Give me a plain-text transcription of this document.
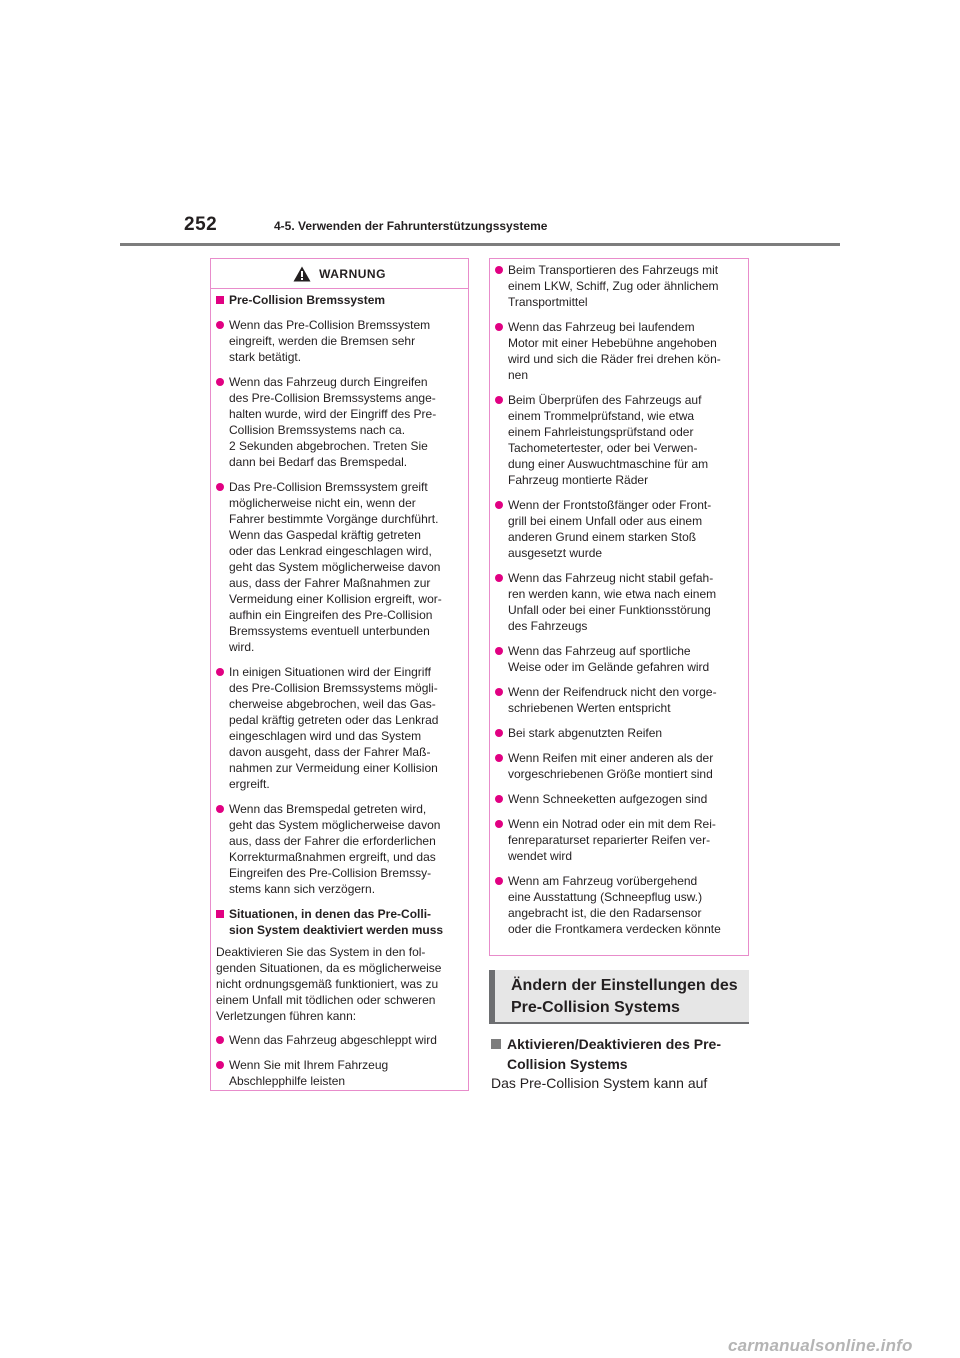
252	4-5. Verwenden der Fahrunterstützungssysteme
WARNUNG
Pre-Collision Bremssystem
Wenn das Pre-Collision Bremssystem
eingreift, werden die Bremsen sehr
stark betätigt.
Wenn das Fahrzeug durch Eingreifen
des Pre-Collision Bremssystems ange-
halten wurde, wird der Eingriff des Pre-
Collision Bremssystems nach ca.
2 Sekunden abgebrochen. Treten Sie
dann bei Bedarf das Bremspedal.
Das Pre-Collision Bremssystem greift
möglicherweise nicht ein, wenn der
Fahrer bestimmte Vorgänge durchführt.
Wenn das Gaspedal kräftig getreten
oder das Lenkrad eingeschlagen wird,
geht das System möglicherweise davon
aus, dass der Fahrer Maßnahmen zur
Vermeidung einer Kollision ergreift, wor-
aufhin ein Eingreifen des Pre-Collision
Bremssystems eventuell unterbunden
wird.
In einigen Situationen wird der Eingriff
des Pre-Collision Bremssystems mögli-
cherweise abgebrochen, weil das Gas-
pedal kräftig getreten oder das Lenkrad
eingeschlagen wird und das System
davon ausgeht, dass der Fahrer Maß-
nahmen zur Vermeidung einer Kollision
ergreift.
Wenn das Bremspedal getreten wird,
geht das System möglicherweise davon
aus, dass der Fahrer die erforderlichen
Korrekturmaßnahmen ergreift, und das
Eingreifen des Pre-Collision Bremssy-
stems kann sich verzögern.
Situationen, in denen das Pre-Colli-
sion System deaktiviert werden muss
Deaktivieren Sie das System in den fol-
genden Situationen, da es möglicherweise
nicht ordnungsgemäß funktioniert, was zu
einem Unfall mit tödlichen oder schweren
Verletzungen führen kann:
Wenn das Fahrzeug abgeschleppt wird
Wenn Sie mit Ihrem Fahrzeug
Abschlepphilfe leisten
Beim Transportieren des Fahrzeugs mit
einem LKW, Schiff, Zug oder ähnlichem
Transportmittel
Wenn das Fahrzeug bei laufendem
Motor mit einer Hebebühne angehoben
wird und sich die Räder frei drehen kön-
nen
Beim Überprüfen des Fahrzeugs auf
einem Trommelprüfstand, wie etwa
einem Fahrleistungsprüfstand oder
Tachometertester, oder bei Verwen-
dung einer Auswuchtmaschine für am
Fahrzeug montierte Räder
Wenn der Frontstoßfänger oder Front-
grill bei einem Unfall oder aus einem
anderen Grund einem starken Stoß
ausgesetzt wurde
Wenn das Fahrzeug nicht stabil gefah-
ren werden kann, wie etwa nach einem
Unfall oder bei einer Funktionsstörung
des Fahrzeugs
Wenn das Fahrzeug auf sportliche
Weise oder im Gelände gefahren wird
Wenn der Reifendruck nicht den vorge-
schriebenen Werten entspricht
Bei stark abgenutzten Reifen
Wenn Reifen mit einer anderen als der
vorgeschriebenen Größe montiert sind
Wenn Schneeketten aufgezogen sind
Wenn ein Notrad oder ein mit dem Rei-
fenreparaturset reparierter Reifen ver-
wendet wird
Wenn am Fahrzeug vorübergehend
eine Ausstattung (Schneepflug usw.)
angebracht ist, die den Radarsensor
oder die Frontkamera verdecken könnte
Ändern der Einstellungen des
Pre-Collision Systems
Aktivieren/Deaktivieren des Pre-
Collision Systems
Das Pre-Collision System kann auf
carmanualsonline.info
